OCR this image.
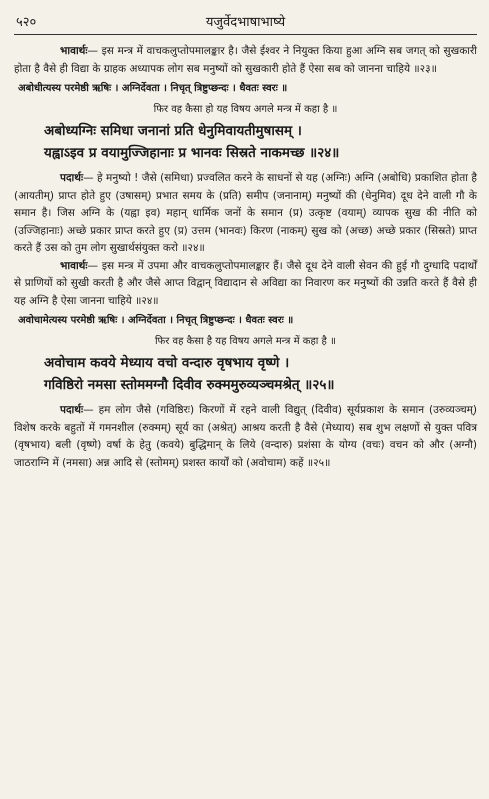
५२०	यजुर्वेदभाषाभाष्ये

भावार्थः— इस मन्त्र में वाचकलुप्तोपमालङ्कार है। जैसे ईश्वर ने नियुक्त किया हुआ अग्नि सब जगत् को सुखकारी होता है वैसे ही विद्या के ग्राहक अध्यापक लोग सब मनुष्यों को सुखकारी होते हैं ऐसा सब को जानना चाहिये ॥२३॥

अबोधीत्यस्य परमेष्ठी ऋषिः । अग्निर्देवता । निचृत् त्रिष्टुप्छन्दः । धैवतः स्वरः ॥
फिर वह कैसा हो यह विषय अगले मन्त्र में कहा है ॥
अबोध्यग्निः समिधा जनानां प्रति धेनुमिवायतीमुषासम् ।
यह्वाऽइव प्र वयामुज्जिहानाः प्र भानवः सिस्रते नाकमच्छ ॥२४॥

पदार्थः— हे मनुष्यो ! जैसे (समिधा) प्रज्वलित करने के साधनों से यह (अग्निः) अग्नि (अबोधि) प्रकाशित होता है (आयतीम्) प्राप्त होते हुए (उषासम्) प्रभात समय के (प्रति) समीप (जनानाम्) मनुष्यों की (धेनुमिव) दूध देने वाली गौ के समान है। जिस अग्नि के (यह्वा इव) महान् धार्मिक जनों के समान (प्र) उत्कृष्ट (वयाम्) व्यापक सुख की नीति को (उज्जिहानाः) अच्छे प्रकार प्राप्त करते हुए (प्र) उत्तम (भानवः) किरण (नाकम्) सुख को (अच्छ) अच्छे प्रकार (सिस्रते) प्राप्त करते हैं उस को तुम लोग सुखार्थसंयुक्त करो ॥२४॥

भावार्थः— इस मन्त्र में उपमा और वाचकलुप्तोपमालङ्कार हैं। जैसे दूध देने वाली सेवन की हुई गौ दुग्धादि पदार्थों से प्राणियों को सुखी करती है और जैसे आप्त विद्वान् विद्यादान से अविद्या का निवारण कर मनुष्यों की उन्नति करते हैं वैसे ही यह अग्नि है ऐसा जानना चाहिये ॥२४॥

अवोचामेत्यस्य परमेष्ठी ऋषिः । अग्निर्देवता । निचृत् त्रिष्टुप्छन्दः । धैवतः स्वरः ॥
फिर वह कैसा है यह विषय अगले मन्त्र में कहा है ॥
अवोचाम कवये मेध्याय वचो वन्दारु वृषभाय वृष्णे ।
गविष्ठिरो नमसा स्तोममग्नौ दिवीव रुक्ममुरुव्यञ्चमश्रेत् ॥२५॥

पदार्थः— हम लोग जैसे (गविष्ठिरः) किरणों में रहने वाली विद्युत् (दिवीव) सूर्यप्रकाश के समान (उरुव्यञ्चम्) विशेष करके बहुतों में गमनशील (रुक्मम्) सूर्य का (अश्रेत्) आश्रय करती है वैसे (मेध्याय) सब शुभ लक्षणों से युक्त पवित्र (वृषभाय) बली (वृष्णे) वर्षा के हेतु (कवये) बुद्धिमान् के लिये (वन्दारु) प्रशंसा के योग्य (वचः) वचन को और (अग्नौ) जाठराग्नि में (नमसा) अन्न आदि से (स्तोमम्) प्रशस्त कार्यों को (अवोचाम) कहें ॥२५॥
